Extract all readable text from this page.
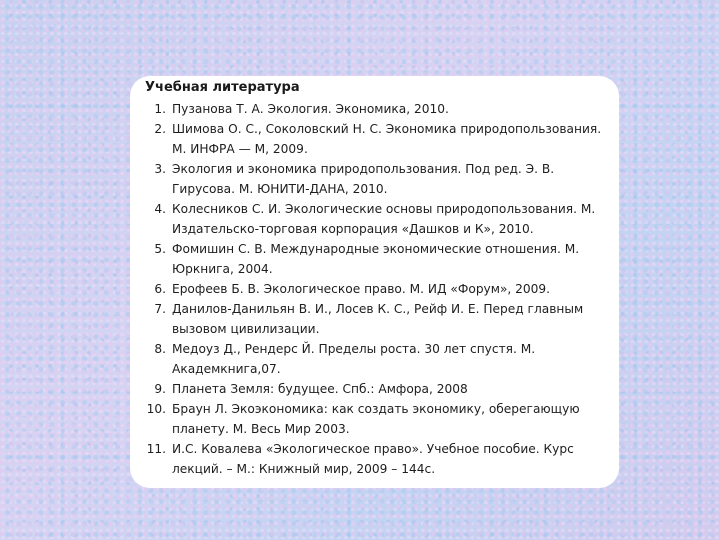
Учебная литература
1. Пузанова Т. А. Экология. Экономика, 2010.
2. Шимова О. С., Соколовский Н. С. Экономика природопользования. М. ИНФРА — М, 2009.
3. Экология и экономика природопользования. Под ред. Э. В. Гирусова. М. ЮНИТИ-ДАНА, 2010.
4. Колесников С. И. Экологические основы природопользования. М. Издательско-торговая корпорация «Дашков и К», 2010.
5. Фомишин С. В. Международные экономические отношения. М. Юркнига, 2004.
6. Ерофеев Б. В. Экологическое право. М. ИД «Форум», 2009.
7. Данилов-Данильян В. И., Лосев К. С., Рейф И. Е. Перед главным вызовом цивилизации.
8. Медоуз Д., Рендерс Й. Пределы роста. 30 лет спустя. М. Академкнига,07.
9. Планета Земля: будущее. Спб.: Амфора, 2008
10. Браун Л. Экоэкономика: как создать экономику, оберегающую планету. М. Весь Мир 2003.
11. И.С. Ковалева «Экологическое право». Учебное пособие. Курс лекций. – М.: Книжный мир, 2009 – 144с.
